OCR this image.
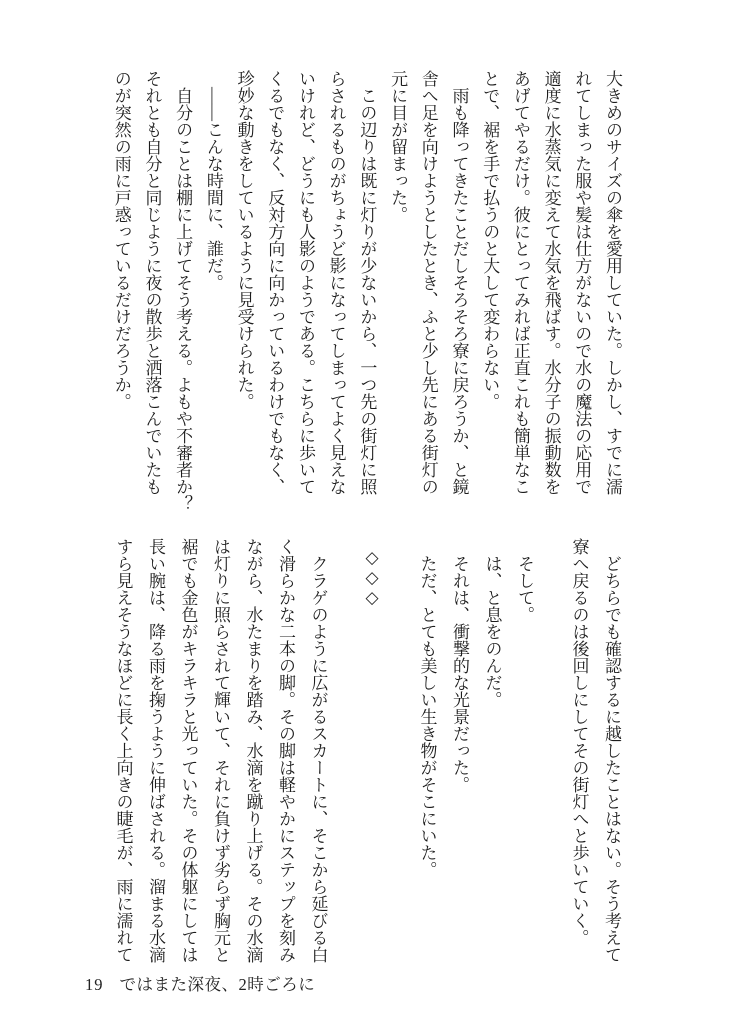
大きめのサイズの傘を愛用していた。しかし、すでに濡
れてしまった服や髪は仕方がないので水の魔法の応用で
適度に水蒸気に変えて水気を飛ばす。水分子の振動数を
あげてやるだけ。彼にとってみれば正直これも簡単なこ
とで、裾を手で払うのと大して変わらない。
　雨も降ってきたことだしそろそろ寮に戻ろうか、と鏡
舎へ足を向けようとしたとき、ふと少し先にある街灯の
元に目が留まった。
　この辺りは既に灯りが少ないから、一つ先の街灯に照
らされるものがちょうど影になってしまってよく見えな
いけれど、どうにも人影のようである。こちらに歩いて
くるでもなく、反対方向に向かっているわけでもなく、
珍妙な動きをしているように見受けられた。
　――こんな時間に、誰だ。
　自分のことは棚に上げてそう考える。よもや不審者か？
それとも自分と同じように夜の散歩と洒落こんでいたも
のが突然の雨に戸惑っているだけだろうか。
　どちらでも確認するに越したことはない。そう考えて
寮へ戻るのは後回しにしてその街灯へと歩いていく。
　そして。
　は、と息をのんだ。
　それは、衝撃的な光景だった。
　ただ、とても美しい生き物がそこにいた。
◇◇◇
　クラゲのように広がるスカートに、そこから延びる白
く滑らかな二本の脚。その脚は軽やかにステップを刻み
ながら、水たまりを踏み、水滴を蹴り上げる。その水滴
は灯りに照らされて輝いて、それに負けず劣らず胸元と
裾でも金色がキラキラと光っていた。その体躯にしては
長い腕は、降る雨を掬うように伸ばされる。溜まる水滴
すら見えそうなほどに長く上向きの睫毛が、雨に濡れて
19 ではまた深夜、2時ごろに
